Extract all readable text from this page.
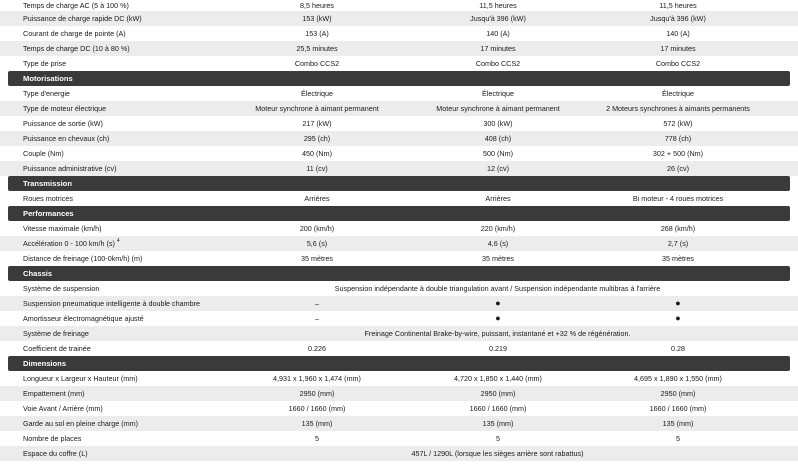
Temps de charge AC (5 à 100 %)	8,5 heures	11,5 heures	11,5 heures
Puissance de charge rapide DC (kW)	153 (kW)	Jusqu'à 396 (kW)	Jusqu'à 396 (kW)
Courant de charge de pointe (A)	153 (A)	140 (A)	140 (A)
Temps de charge DC (10 à 80 %)	25,5 minutes	17 minutes	17 minutes
Type de prise	Combo CCS2	Combo CCS2	Combo CCS2
Motorisations
Type d'energie	Électrique	Électrique	Électrique
Type de moteur électrique	Moteur synchrone à aimant permanent	Moteur synchrone à aimant permanent	2 Moteurs synchrones à aimants permanents
Puissance de sortie (kW)	217 (kW)	300 (kW)	572 (kW)
Puissance en chevaux (ch)	295 (ch)	408 (ch)	778 (ch)
Couple (Nm)	450 (Nm)	500 (Nm)	302 + 500 (Nm)
Puissance administrative (cv)	11 (cv)	12 (cv)	26 (cv)
Transmission
Roues motrices	Arrières	Arrières	Bi moteur - 4 roues motrices
Performances
Vitesse maximale (km/h)	200 (km/h)	220 (km/h)	268 (km/h)
Accélération 0 - 100 km/h (s) $^4$	5,6 (s)	4,6 (s)	2,7 (s)
Distance de freinage (100-0km/h) (m)	35 mètres	35 mètres	35 mètres
Chassis
Système de suspension	Suspension indépendante à double triangulation avant / Suspension indépendante multibras à l'arrière
Suspension pneumatique intelligente à double chambre	–	●	●
Amortisseur électromagnétique ajusté	–	●	●
Système de freinage	Freinage Continental Brake-by-wire, puissant, instantané et +32 % de régénération.
Coefficient de trainée	0.226	0.219	0.28
Dimensions
Longueur x Largeur x Hauteur (mm)	4,931 x 1,960 x 1,474 (mm)	4,720 x 1,850 x 1,440 (mm)	4,695 x 1,890 x 1,550 (mm)
Empattement (mm)	2950 (mm)	2950 (mm)	2950 (mm)
Voie Avant / Arrière (mm)	1660 / 1660 (mm)	1660 / 1660 (mm)	1660 / 1660 (mm)
Garde au sol en pleine charge (mm)	135 (mm)	135 (mm)	135 (mm)
Nombre de places	5	5	5
Espace du coffre (L)	457L / 1290L (lorsque les sièges arrière sont rabattus)
